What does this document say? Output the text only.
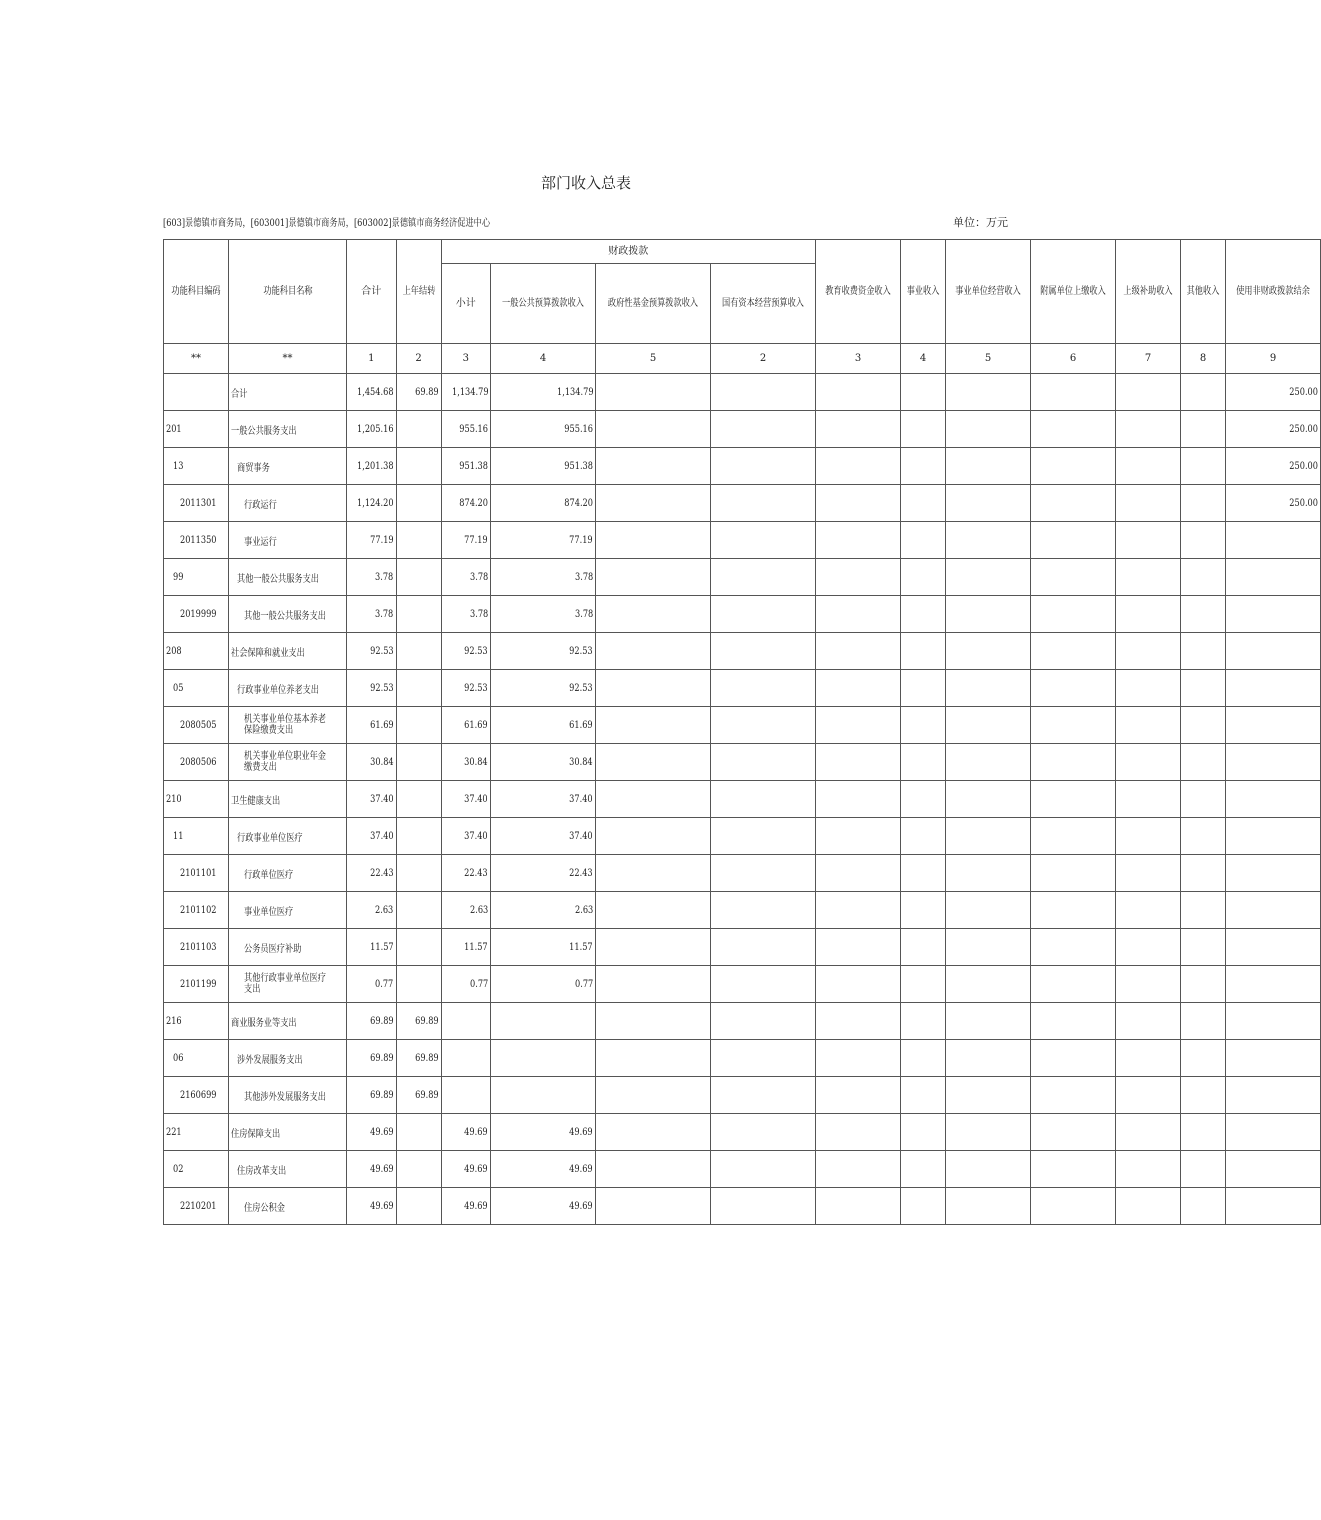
部门收入总表
[603]景德镇市商务局，[603001]景德镇市商务局，[603002]景德镇市商务经济促进中心	单位：万元
功能科目编码	功能科目名称	合计	上年结转	财政拨款				教育收费资金收入	事业收入	事业单位经营收入	附属单位上缴收入	上级补助收入	其他收入	使用非财政拨款结余
				小计	一般公共预算拨款收入	政府性基金预算拨款收入	国有资本经营预算收入							
**	**	1	2	3	4	5	2	3	4	5	6	7	8	9
	合计	1,454.68	69.89	1,134.79	1,134.79									250.00
201	一般公共服务支出	1,205.16		955.16	955.16									250.00
13	商贸事务	1,201.38		951.38	951.38									250.00
2011301	行政运行	1,124.20		874.20	874.20									250.00
2011350	事业运行	77.19		77.19	77.19									
99	其他一般公共服务支出	3.78		3.78	3.78									
2019999	其他一般公共服务支出	3.78		3.78	3.78									
208	社会保障和就业支出	92.53		92.53	92.53									
05	行政事业单位养老支出	92.53		92.53	92.53									
2080505	机关事业单位基本养老保险缴费支出	61.69		61.69	61.69									
2080506	机关事业单位职业年金缴费支出	30.84		30.84	30.84									
210	卫生健康支出	37.40		37.40	37.40									
11	行政事业单位医疗	37.40		37.40	37.40									
2101101	行政单位医疗	22.43		22.43	22.43									
2101102	事业单位医疗	2.63		2.63	2.63									
2101103	公务员医疗补助	11.57		11.57	11.57									
2101199	其他行政事业单位医疗支出	0.77		0.77	0.77									
216	商业服务业等支出	69.89	69.89											
06	涉外发展服务支出	69.89	69.89											
2160699	其他涉外发展服务支出	69.89	69.89											
221	住房保障支出	49.69		49.69	49.69									
02	住房改革支出	49.69		49.69	49.69									
2210201	住房公积金	49.69		49.69	49.69									
